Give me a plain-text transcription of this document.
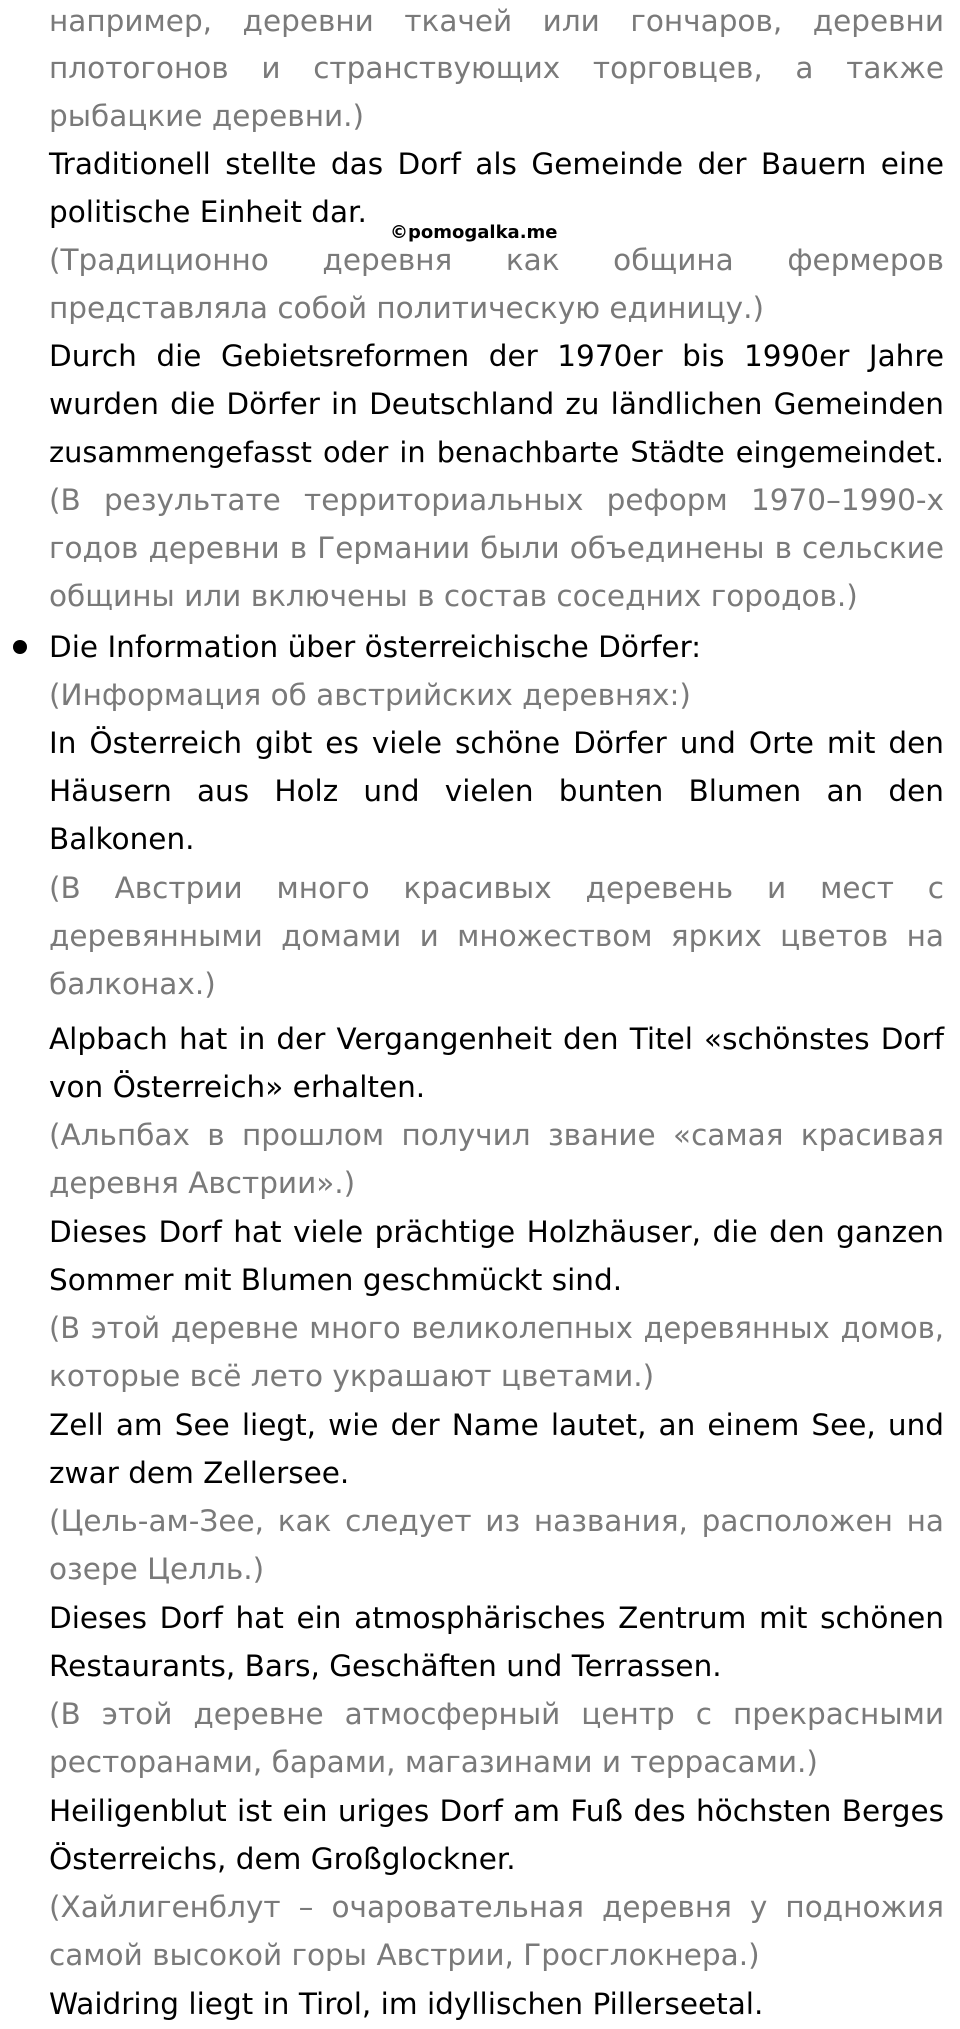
©pomogalka.me

например, деревни ткачей или гончаров, деревни

плотогонов и странствующих торговцев, а также

рыбацкие деревни.)

Traditionell stellte das Dorf als Gemeinde der Bauern eine

politische Einheit dar.

(Традиционно деревня как община фермеров

представляла собой политическую единицу.)

Durch die Gebietsreformen der 1970er bis 1990er Jahre

wurden die Dörfer in Deutschland zu ländlichen Gemeinden

zusammengefasst oder in benachbarte Städte eingemeindet.

(В результате территориальных реформ 1970–1990-х

годов деревни в Германии были объединены в сельские

общины или включены в состав соседних городов.)

Die Information über österreichische Dörfer:

(Информация об австрийских деревнях:)

In Österreich gibt es viele schöne Dörfer und Orte mit den

Häusern aus Holz und vielen bunten Blumen an den

Balkonen.

(В Австрии много красивых деревень и мест с

деревянными домами и множеством ярких цветов на

балконах.)

Alpbach hat in der Vergangenheit den Titel «schönstes Dorf

von Österreich» erhalten.

(Альпбах в прошлом получил звание «самая красивая

деревня Австрии».)

Dieses Dorf hat viele prächtige Holzhäuser, die den ganzen

Sommer mit Blumen geschmückt sind.

(В этой деревне много великолепных деревянных домов,

которые всё лето украшают цветами.)

Zell am See liegt, wie der Name lautet, an einem See, und

zwar dem Zellersee.

(Цель-ам-Зее, как следует из названия, расположен на

озере Целль.)

Dieses Dorf hat ein atmosphärisches Zentrum mit schönen

Restaurants, Bars, Geschäften und Terrassen.

(В этой деревне атмосферный центр с прекрасными

ресторанами, барами, магазинами и террасами.)

Heiligenblut ist ein uriges Dorf am Fuß des höchsten Berges

Österreichs, dem Großglockner.

(Хайлигенблут – очаровательная деревня у подножия

самой высокой горы Австрии, Гросглокнера.)

Waidring liegt in Tirol, im idyllischen Pillerseetal.
